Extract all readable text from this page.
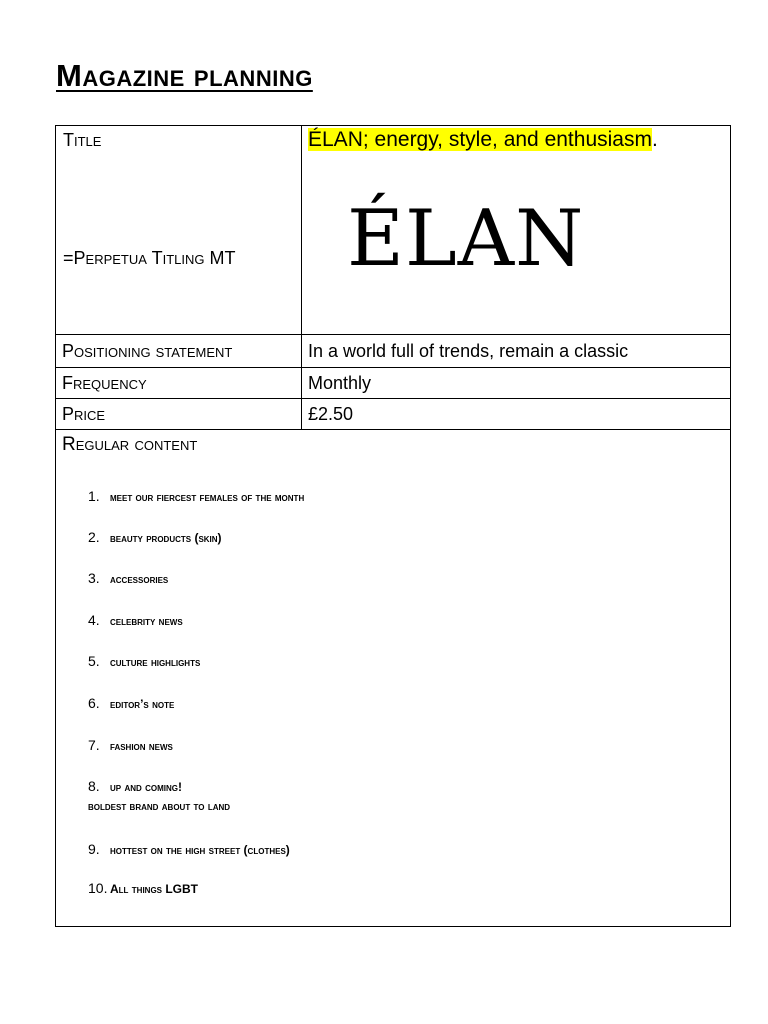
Magazine planning
Title
=Perpetua Titling MT	ÉLAN; energy, style, and enthusiasm.
ÉLAN

Positioning statement	In a world full of trends, remain a classic
Frequency	Monthly
Price	£2.50

Regular content	
1. meet our fiercest females of the month
2. beauty products (skin)
3. accessories
4. celebrity news
5. culture highlights
6. editor’s note
7. fashion news
8. up and coming!
9. hottest on the high street (clothes)
10. All things LGBT
boldest brand about to land
